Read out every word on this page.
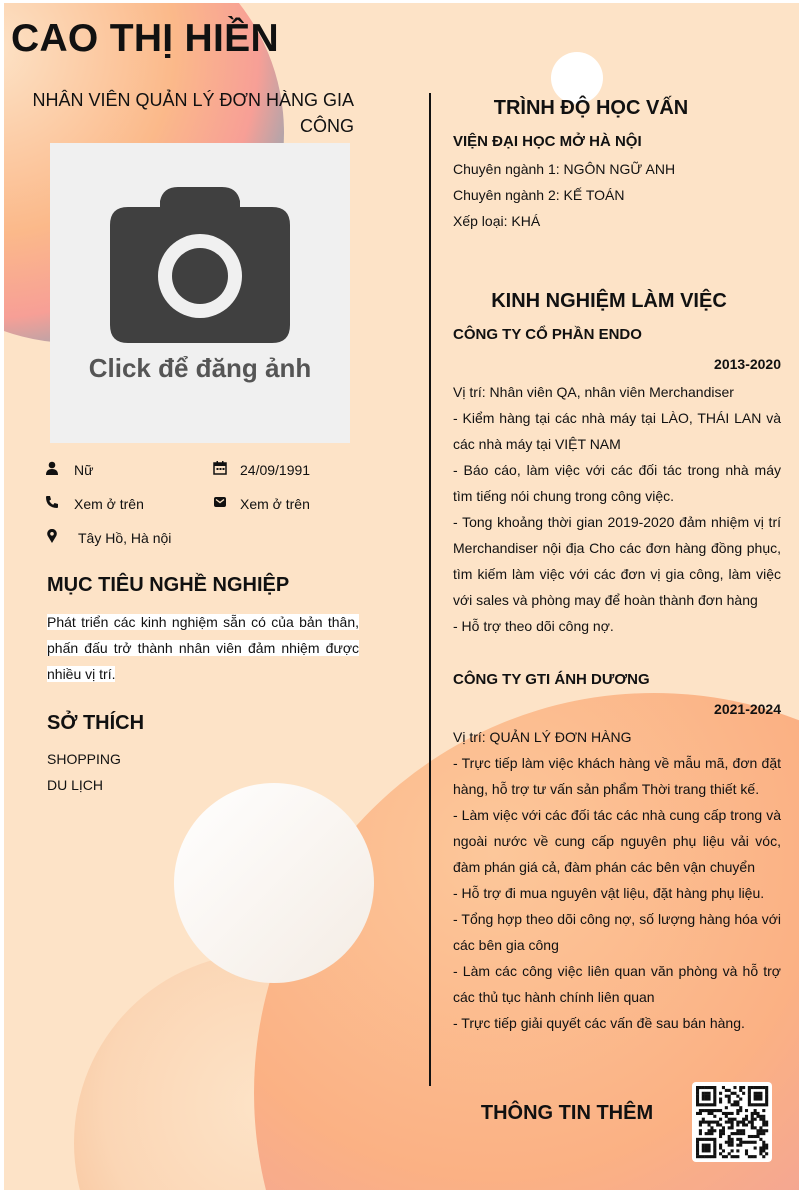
CAO THỊ HIỀN
NHÂN VIÊN QUẢN LÝ ĐƠN HÀNG GIA CÔNG
Click để đăng ảnh
Nữ	24/09/1991
Xem ở trên	Xem ở trên
Tây Hồ, Hà nội
MỤC TIÊU NGHỀ NGHIỆP
Phát triển các kinh nghiệm sẵn có của bản thân, phấn đấu trở thành nhân viên đảm nhiệm được nhiều vị trí.
SỞ THÍCH
SHOPPING
DU LỊCH
TRÌNH ĐỘ HỌC VẤN
VIỆN ĐẠI HỌC MỞ HÀ NỘI
Chuyên ngành 1: NGÔN NGỮ ANH
Chuyên ngành 2: KẾ TOÁN
Xếp loại: KHÁ
KINH NGHIỆM LÀM VIỆC
CÔNG TY CỔ PHẦN ENDO
2013-2020
Vị trí: Nhân viên QA, nhân viên Merchandiser
- Kiểm hàng tại các nhà máy tại LÀO, THÁI LAN và các nhà máy tại VIỆT NAM
- Báo cáo, làm việc với các đối tác trong nhà máy tìm tiếng nói chung trong công việc.
- Tong khoảng thời gian 2019-2020 đảm nhiệm vị trí Merchandiser nội địa Cho các đơn hàng đồng phục, tìm kiếm làm việc với các đơn vị gia công, làm việc với sales và phòng may để hoàn thành đơn hàng
- Hỗ trợ theo dõi công nợ.
CÔNG TY GTI ÁNH DƯƠNG
2021-2024
Vị trí: QUẢN LÝ ĐƠN HÀNG
- Trực tiếp làm việc khách hàng về mẫu mã, đơn đặt hàng, hỗ trợ tư vấn sản phẩm Thời trang thiết kế.
- Làm việc với các đối tác các nhà cung cấp trong và ngoài nước về cung cấp nguyên phụ liệu vải vóc, đàm phán giá cả, đàm phán các bên vận chuyển
- Hỗ trợ đi mua nguyên vật liệu, đặt hàng phụ liệu.
- Tổng hợp theo dõi công nợ, số lượng hàng hóa với các bên gia công
- Làm các công việc liên quan văn phòng và hỗ trợ các thủ tục hành chính liên quan
- Trực tiếp giải quyết các vấn đề sau bán hàng.
THÔNG TIN THÊM
